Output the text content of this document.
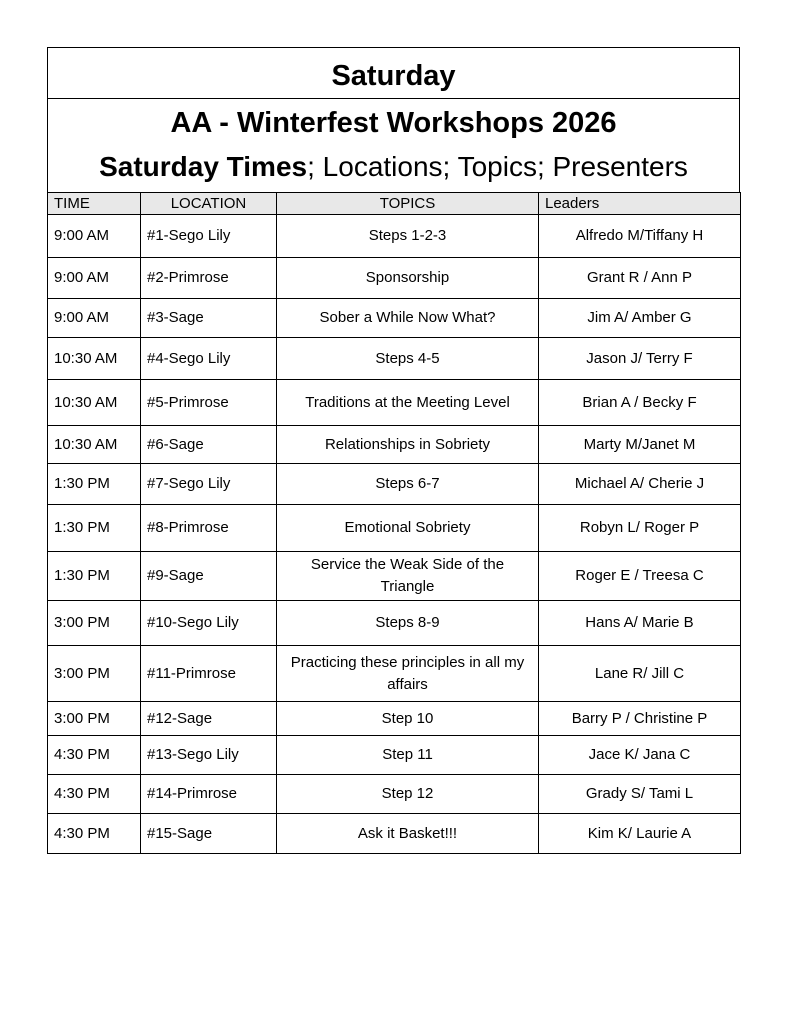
Saturday
AA - Winterfest Workshops 2026
Saturday Times ; Locations; Topics; Presenters
TIME	LOCATION	TOPICS	Leaders
9:00 AM	#1-Sego Lily	Steps 1-2-3	Alfredo M/Tiffany H
9:00 AM	#2-Primrose	Sponsorship	Grant R / Ann P
9:00 AM	#3-Sage	Sober a While Now What?	Jim A/ Amber G
10:30 AM	#4-Sego Lily	Steps 4-5	Jason J/ Terry F
10:30 AM	#5-Primrose	Traditions at the Meeting Level	Brian A / Becky F
10:30 AM	#6-Sage	Relationships in Sobriety	Marty M/Janet M
1:30 PM	#7-Sego Lily	Steps 6-7	Michael A/ Cherie J
1:30 PM	#8-Primrose	Emotional Sobriety	Robyn L/ Roger P
1:30 PM	#9-Sage	Service the Weak Side of the Triangle	Roger E / Treesa C
3:00 PM	#10-Sego Lily	Steps 8-9	Hans A/ Marie B
3:00 PM	#11-Primrose	Practicing these principles in all my affairs	Lane R/ Jill C
3:00 PM	#12-Sage	Step 10	Barry P / Christine P
4:30 PM	#13-Sego Lily	Step 11	Jace K/ Jana C
4:30 PM	#14-Primrose	Step 12	Grady S/ Tami L
4:30 PM	#15-Sage	Ask it Basket!!!	Kim K/ Laurie A
